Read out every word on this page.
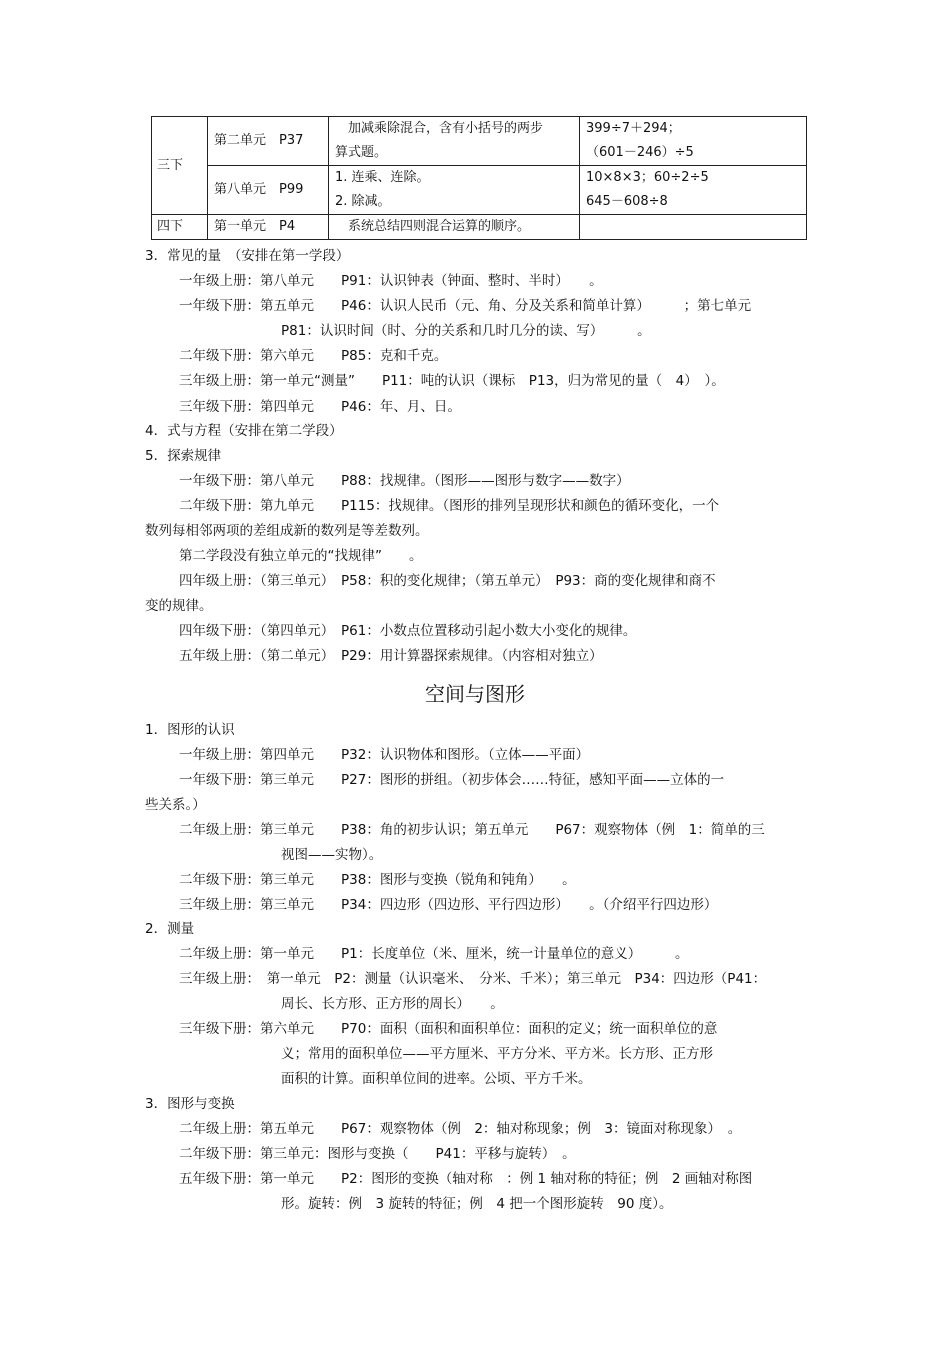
三下	第二单元　P37	　加减乘除混合，含有小括号的两步
算式题。	399÷7＋294；
（601－246）÷5

	第八单元　P99	1. 连乘、连除。
2. 除减。	10×8×3；60÷2÷5
645－608÷8

四下	第一单元　P4	　系统总结四则混合运算的顺序。	

3．常见的量　（安排在第一学段）
一年级上册：第八单元　　P91：认识钟表（钟面、整时、半时）　　。
一年级下册：第五单元　　P46：认识人民币（元、角、分及关系和简单计算）　　　；第七单元
P81：认识时间（时、分的关系和几时几分的读、写）　　　。
二年级下册：第六单元　　P85：克和千克。
三年级上册：第一单元“测量”　　P11：吨的认识（课标　P13，归为常见的量（　4）　）。
三年级下册：第四单元　　P46：年、月、日。
4．式与方程（安排在第二学段）
5．探索规律
一年级下册：第八单元　　P88：找规律。（图形——图形与数字——数字）
二年级下册：第九单元　　P115：找规律。（图形的排列呈现形状和颜色的循环变化，一个
数列每相邻两项的差组成新的数列是等差数列。
第二学段没有独立单元的“找规律”　　。
四年级上册：（第三单元）　P58：积的变化规律；（第五单元）　P93：商的变化规律和商不
变的规律。
四年级下册：（第四单元）　P61：小数点位置移动引起小数大小变化的规律。
五年级上册：（第二单元）　P29：用计算器探索规律。（内容相对独立）
空间与图形
1．图形的认识
一年级上册：第四单元　　P32：认识物体和图形。（立体——平面）
一年级下册：第三单元　　P27：图形的拼组。（初步体会……特征，感知平面——立体的一
些关系。）
二年级上册：第三单元　　P38：角的初步认识；第五单元　　P67：观察物体（例　1：简单的三
视图——实物）。
二年级下册：第三单元　　P38：图形与变换（锐角和钝角）　　。
三年级上册：第三单元　　P34：四边形（四边形、平行四边形）　　。（介绍平行四边形）
2．测量
二年级上册：第一单元　　P1：长度单位（米、厘米，统一计量单位的意义）　　　。
三年级上册：　第一单元　P2：测量（认识毫米、　分米、千米）；第三单元　P34：四边形（P41：
周长、长方形、正方形的周长）　　。
三年级下册：第六单元　　P70：面积（面积和面积单位：面积的定义；统一面积单位的意
义；常用的面积单位——平方厘米、平方分米、平方米。长方形、正方形
面积的计算。面积单位间的进率。公顷、平方千米。
3．图形与变换
二年级上册：第五单元　　P67：观察物体（例　2：轴对称现象；例　3：镜面对称现象）　。
二年级下册：第三单元：图形与变换（　　P41：平移与旋转）　。
五年级下册：第一单元　　P2：图形的变换（轴对称　：例 1 轴对称的特征；例　2 画轴对称图
形。旋转：例　3 旋转的特征；例　4 把一个图形旋转　90 度）。
